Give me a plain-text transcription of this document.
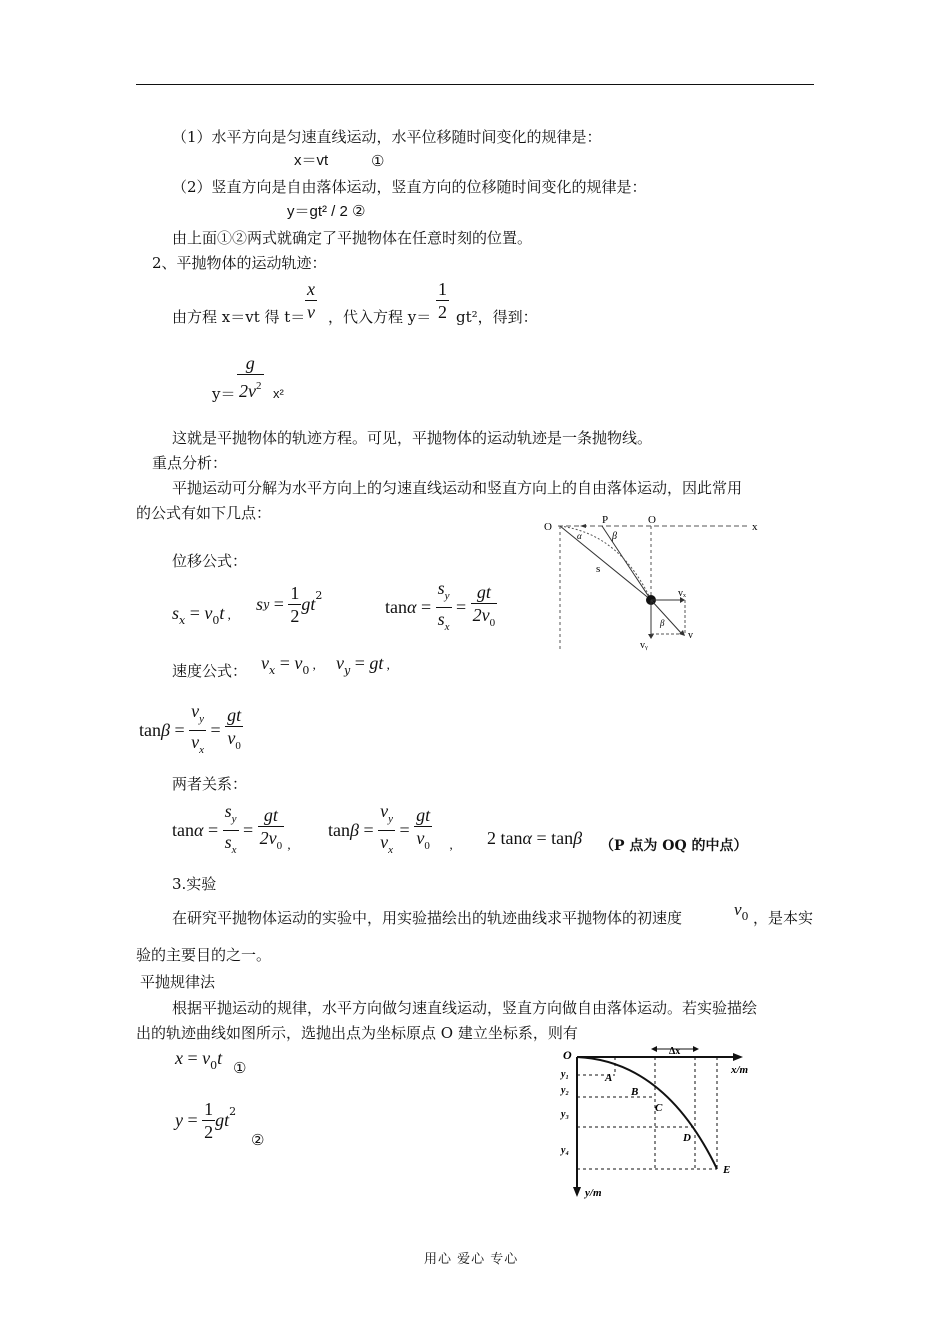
（1）水平方向是匀速直线运动，水平位移随时间变化的规律是：
x＝vt	①
（2）竖直方向是自由落体运动，竖直方向的位移随时间变化的规律是：
y＝gt² / 2 ②
由上面①②两式就确定了平抛物体在任意时刻的位置。
2、平抛物体的运动轨迹：
由方程 x＝vt 得 $t= \frac{x}{v}$ ，代入方程 $y= \frac{1}{2} gt^2$，得到：
$y= \frac{g}{2v^2} x^2$
这就是平抛物体的轨迹方程。可见，平抛物体的运动轨迹是一条抛物线。
重点分析：
平抛运动可分解为水平方向上的匀速直线运动和竖直方向上的自由落体运动，因此常用
的公式有如下几点：
位移公式：
$s_x = v_0t$ ,
sy = $\frac{1}{2} gt^2$
$\tan\alpha = \frac{s_y}{s_x} = \frac{gt}{2v_0}$
速度公式： $v_x = v_0$ , $v_y$ = gt ,
$\tan\beta = \frac{v_y}{v_x} = \frac{gt}{v_0}$
两者关系：
$\tan\alpha = \frac{s_y}{s_x} = \frac{gt}{2v_0} _,$
$\tan\beta = \frac{v_y}{v_x} = \frac{gt}{v_0} _,$ 2 tanα = tanβ （P 点为 OQ 的中点）
3.实验
在研究平抛物体运动的实验中，用实验描绘出的轨迹曲线求平抛物体的初速度	$v_0$ ，是本实
验的主要目的之一。
平抛规律法
根据平抛运动的规律，水平方向做匀速直线运动，竖直方向做自由落体运动。若实验描绘
出的轨迹曲线如图所示，选抛出点为坐标原点 O 建立坐标系，则有
$x = v_0t$ ①
$y = \frac{1}{2} gt^2$
②
O
P	O
x
α	β
s
vₓ
β
vᵧ
v
O	Δx
x/m
y/m
y₁
y₂
y₃
y₄
A
B
C
D
E
用心 爱心 专心
